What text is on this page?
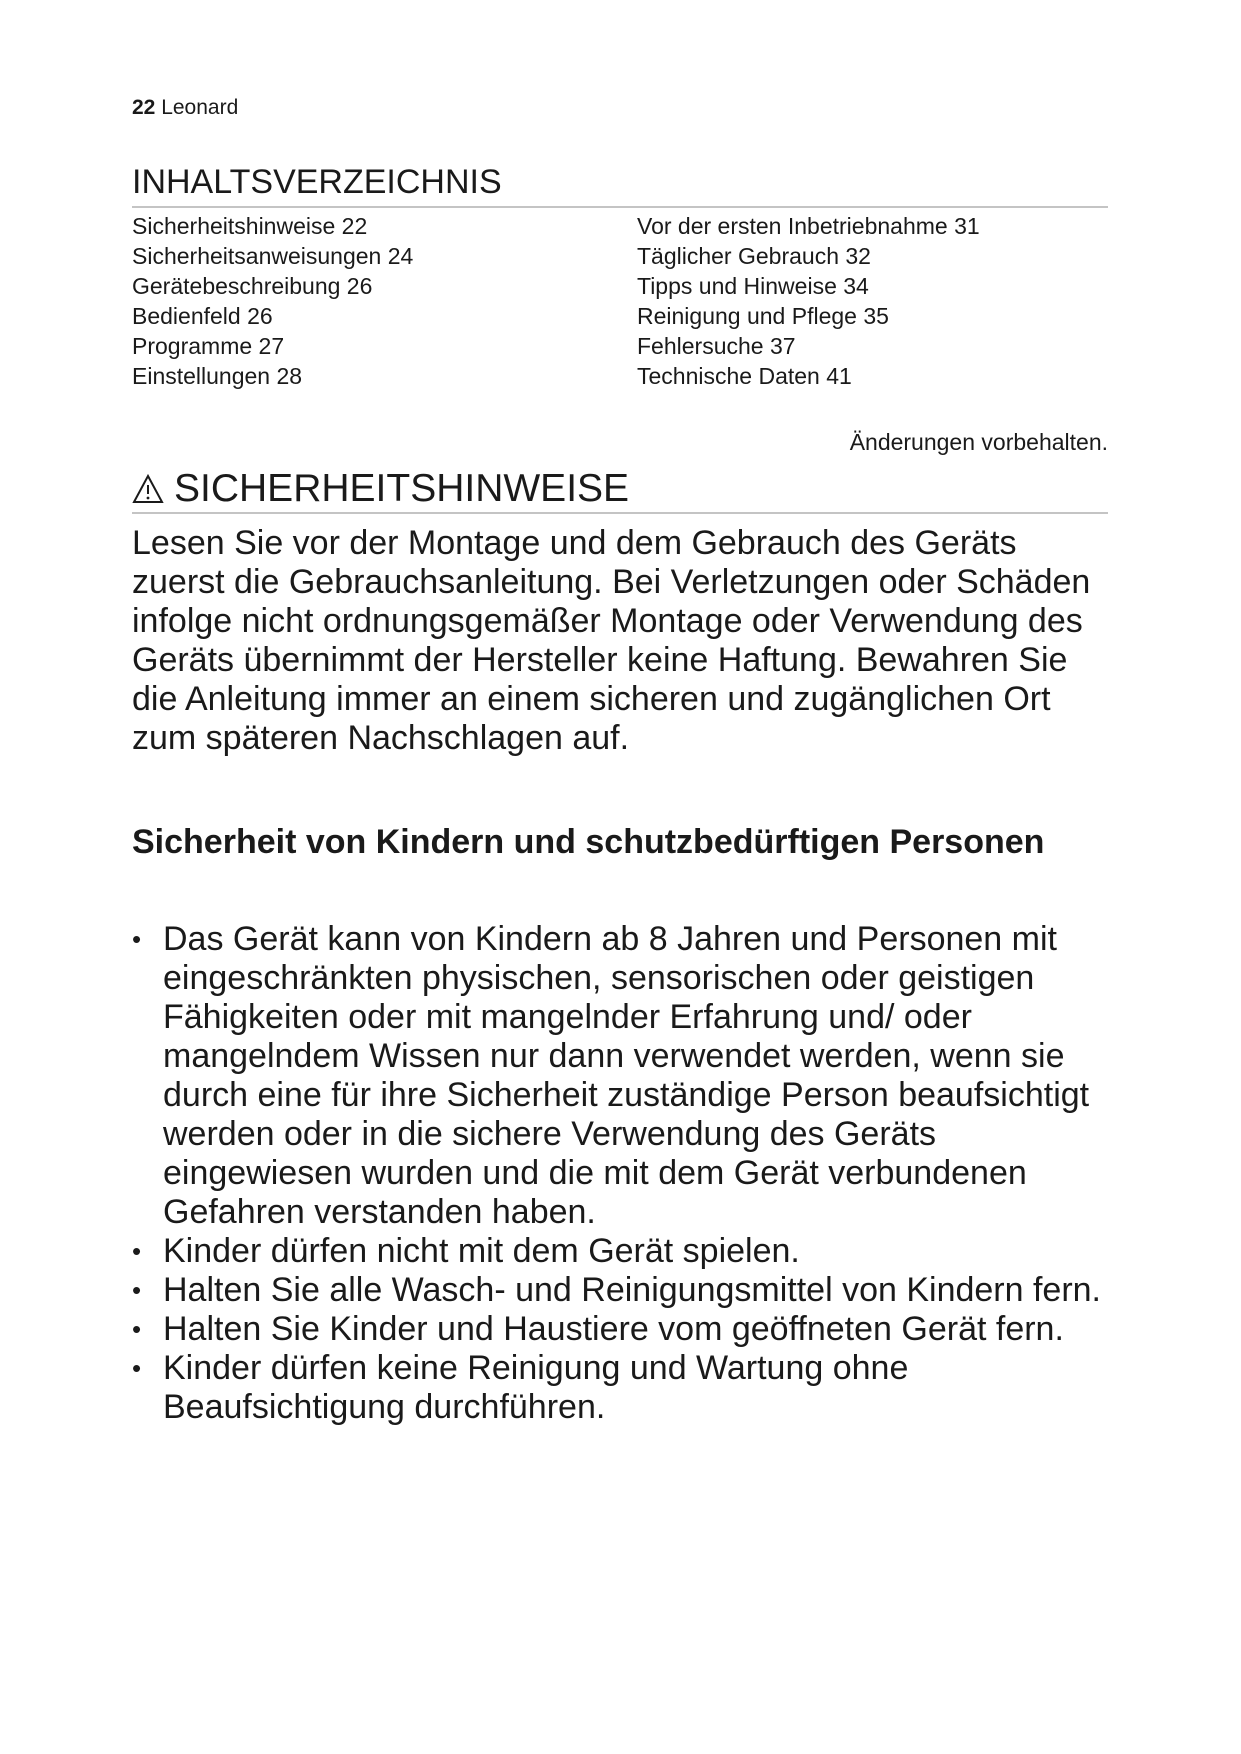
22 Leonard
INHALTSVERZEICHNIS
Sicherheitshinweise 22
Sicherheitsanweisungen 24
Gerätebeschreibung 26
Bedienfeld 26
Programme 27
Einstellungen 28
Vor der ersten Inbetriebnahme 31
Täglicher Gebrauch 32
Tipps und Hinweise 34
Reinigung und Pflege 35
Fehlersuche 37
Technische Daten 41
Änderungen vorbehalten.
SICHERHEITSHINWEISE

Lesen Sie vor der Montage und dem Gebrauch des Geräts zuerst die Gebrauchsanleitung. Bei Verletzungen oder Schäden infolge nicht ordnungsgemäßer Montage oder Verwendung des Geräts übernimmt der Hersteller keine Haftung. Bewahren Sie die Anleitung immer an einem sicheren und zugänglichen Ort zum späteren Nachschlagen auf.

Sicherheit von Kindern und schutzbedürftigen Personen
• Das Gerät kann von Kindern ab 8 Jahren und Personen mit eingeschränkten physischen, sensorischen oder geistigen Fähigkeiten oder mit mangelnder Erfahrung und/ oder mangelndem Wissen nur dann verwendet werden, wenn sie durch eine für ihre Sicherheit zuständige Person beaufsichtigt werden oder in die sichere Verwendung des Geräts eingewiesen wurden und die mit dem Gerät verbundenen Gefahren verstanden haben.
• Kinder dürfen nicht mit dem Gerät spielen.
• Halten Sie alle Wasch- und Reinigungsmittel von Kindern fern.
• Halten Sie Kinder und Haustiere vom geöffneten Gerät fern.
• Kinder dürfen keine Reinigung und Wartung ohne Beaufsichtigung durchführen.
